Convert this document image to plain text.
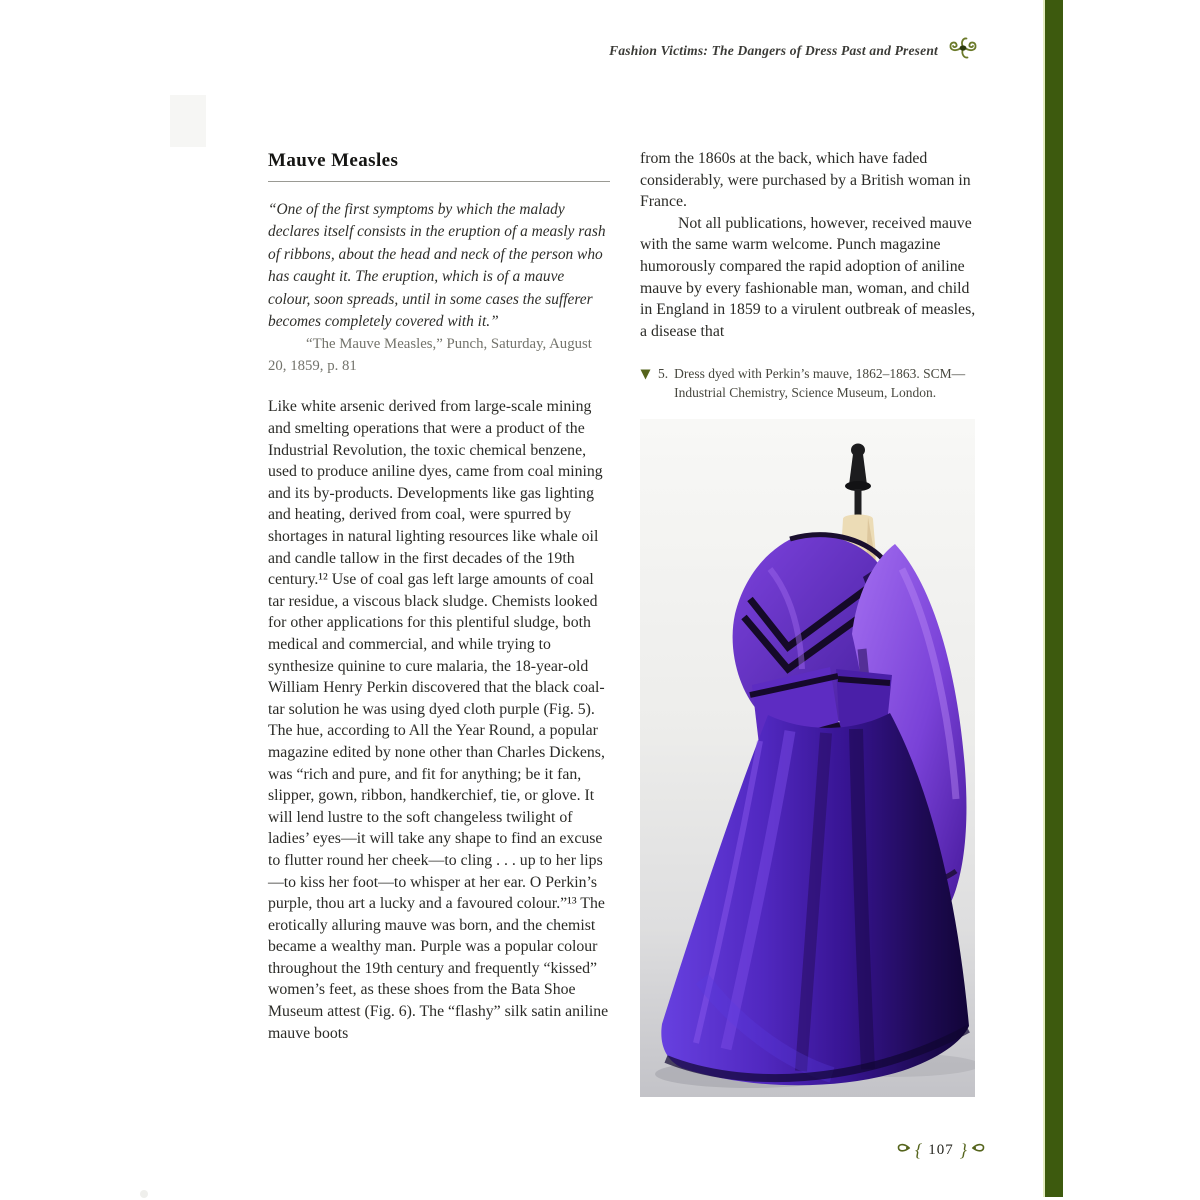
Fashion Victims: The Dangers of Dress Past and Present
Mauve Measles

“One of the first symptoms by which the malady declares itself consists in the eruption of a measly rash of ribbons, about the head and neck of the person who has caught it. The eruption, which is of a mauve colour, soon spreads, until in some cases the sufferer becomes completely covered with it.”

“The Mauve Measles,” Punch, Saturday, August 20, 1859, p. 81

Like white arsenic derived from large-scale mining and smelting operations that were a product of the Industrial Revolution, the toxic chemical benzene, used to produce aniline dyes, came from coal mining and its by-products. Developments like gas lighting and heating, derived from coal, were spurred by shortages in natural lighting resources like whale oil and candle tallow in the first decades of the 19th century.¹² Use of coal gas left large amounts of coal tar residue, a viscous black sludge. Chemists looked for other applications for this plentiful sludge, both medical and commercial, and while trying to synthesize quinine to cure malaria, the 18-year-old William Henry Perkin discovered that the black coal-tar solution he was using dyed cloth purple (Fig. 5). The hue, according to All the Year Round, a popular magazine edited by none other than Charles Dickens, was “rich and pure, and fit for anything; be it fan, slipper, gown, ribbon, handkerchief, tie, or glove. It will lend lustre to the soft changeless twilight of ladies’ eyes—it will take any shape to find an excuse to flutter round her cheek—to cling . . . up to her lips—to kiss her foot—to whisper at her ear. O Perkin’s purple, thou art a lucky and a favoured colour.”¹³ The erotically alluring mauve was born, and the chemist became a wealthy man. Purple was a popular colour throughout the 19th century and frequently “kissed” women’s feet, as these shoes from the Bata Shoe Museum attest (Fig. 6). The “flashy” silk satin aniline mauve boots

from the 1860s at the back, which have faded considerably, were purchased by a British woman in France.

Not all publications, however, received mauve with the same warm welcome. Punch magazine humorously compared the rapid adoption of aniline mauve by every fashionable man, woman, and child in England in 1859 to a virulent outbreak of measles, a disease that

5. Dress dyed with Perkin’s mauve, 1862–1863. SCM—Industrial Chemistry, Science Museum, London.
{ 107 }
